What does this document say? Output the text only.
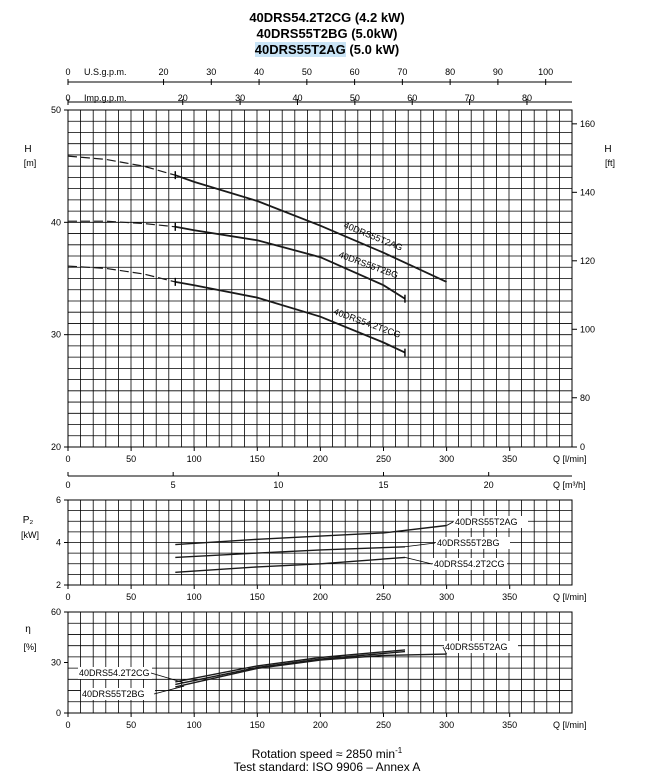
40DRS54.2T2CG (4.2 kW)
40DRS55T2BG (5.0kW)
40DRS55T2AG (5.0 kW)
20
30
40
50
0	50	100	150	200	250	300	350	Q [l/min]
0
80
100
120
140
160
H
[ft]
H
[m]
0	20	30	40	50	60	70	80	90	100
U.S.g.p.m.
0	20	30	40	50	60	70	80
Imp.g.p.m.
0	5	10	15	20	Q [m³/h]
40DRS55T2AG
40DRS55T2BG
40DRS54.2T2CG
2
4
6
0	50	100	150	200	250	300	350	Q [l/min]
P₂
[kW]
40DRS55T2AG
40DRS55T2BG
40DRS54.2T2CG
0
30
60
0	50	100	150	200	250	300	350	Q [l/min]
η
[%]	40DRS55T2AG
40DRS54.2T2CG
40DRS55T2BG
Rotation speed ≈ 2850 $\min^{-1}$
Test standard: ISO 9906 – Annex A
